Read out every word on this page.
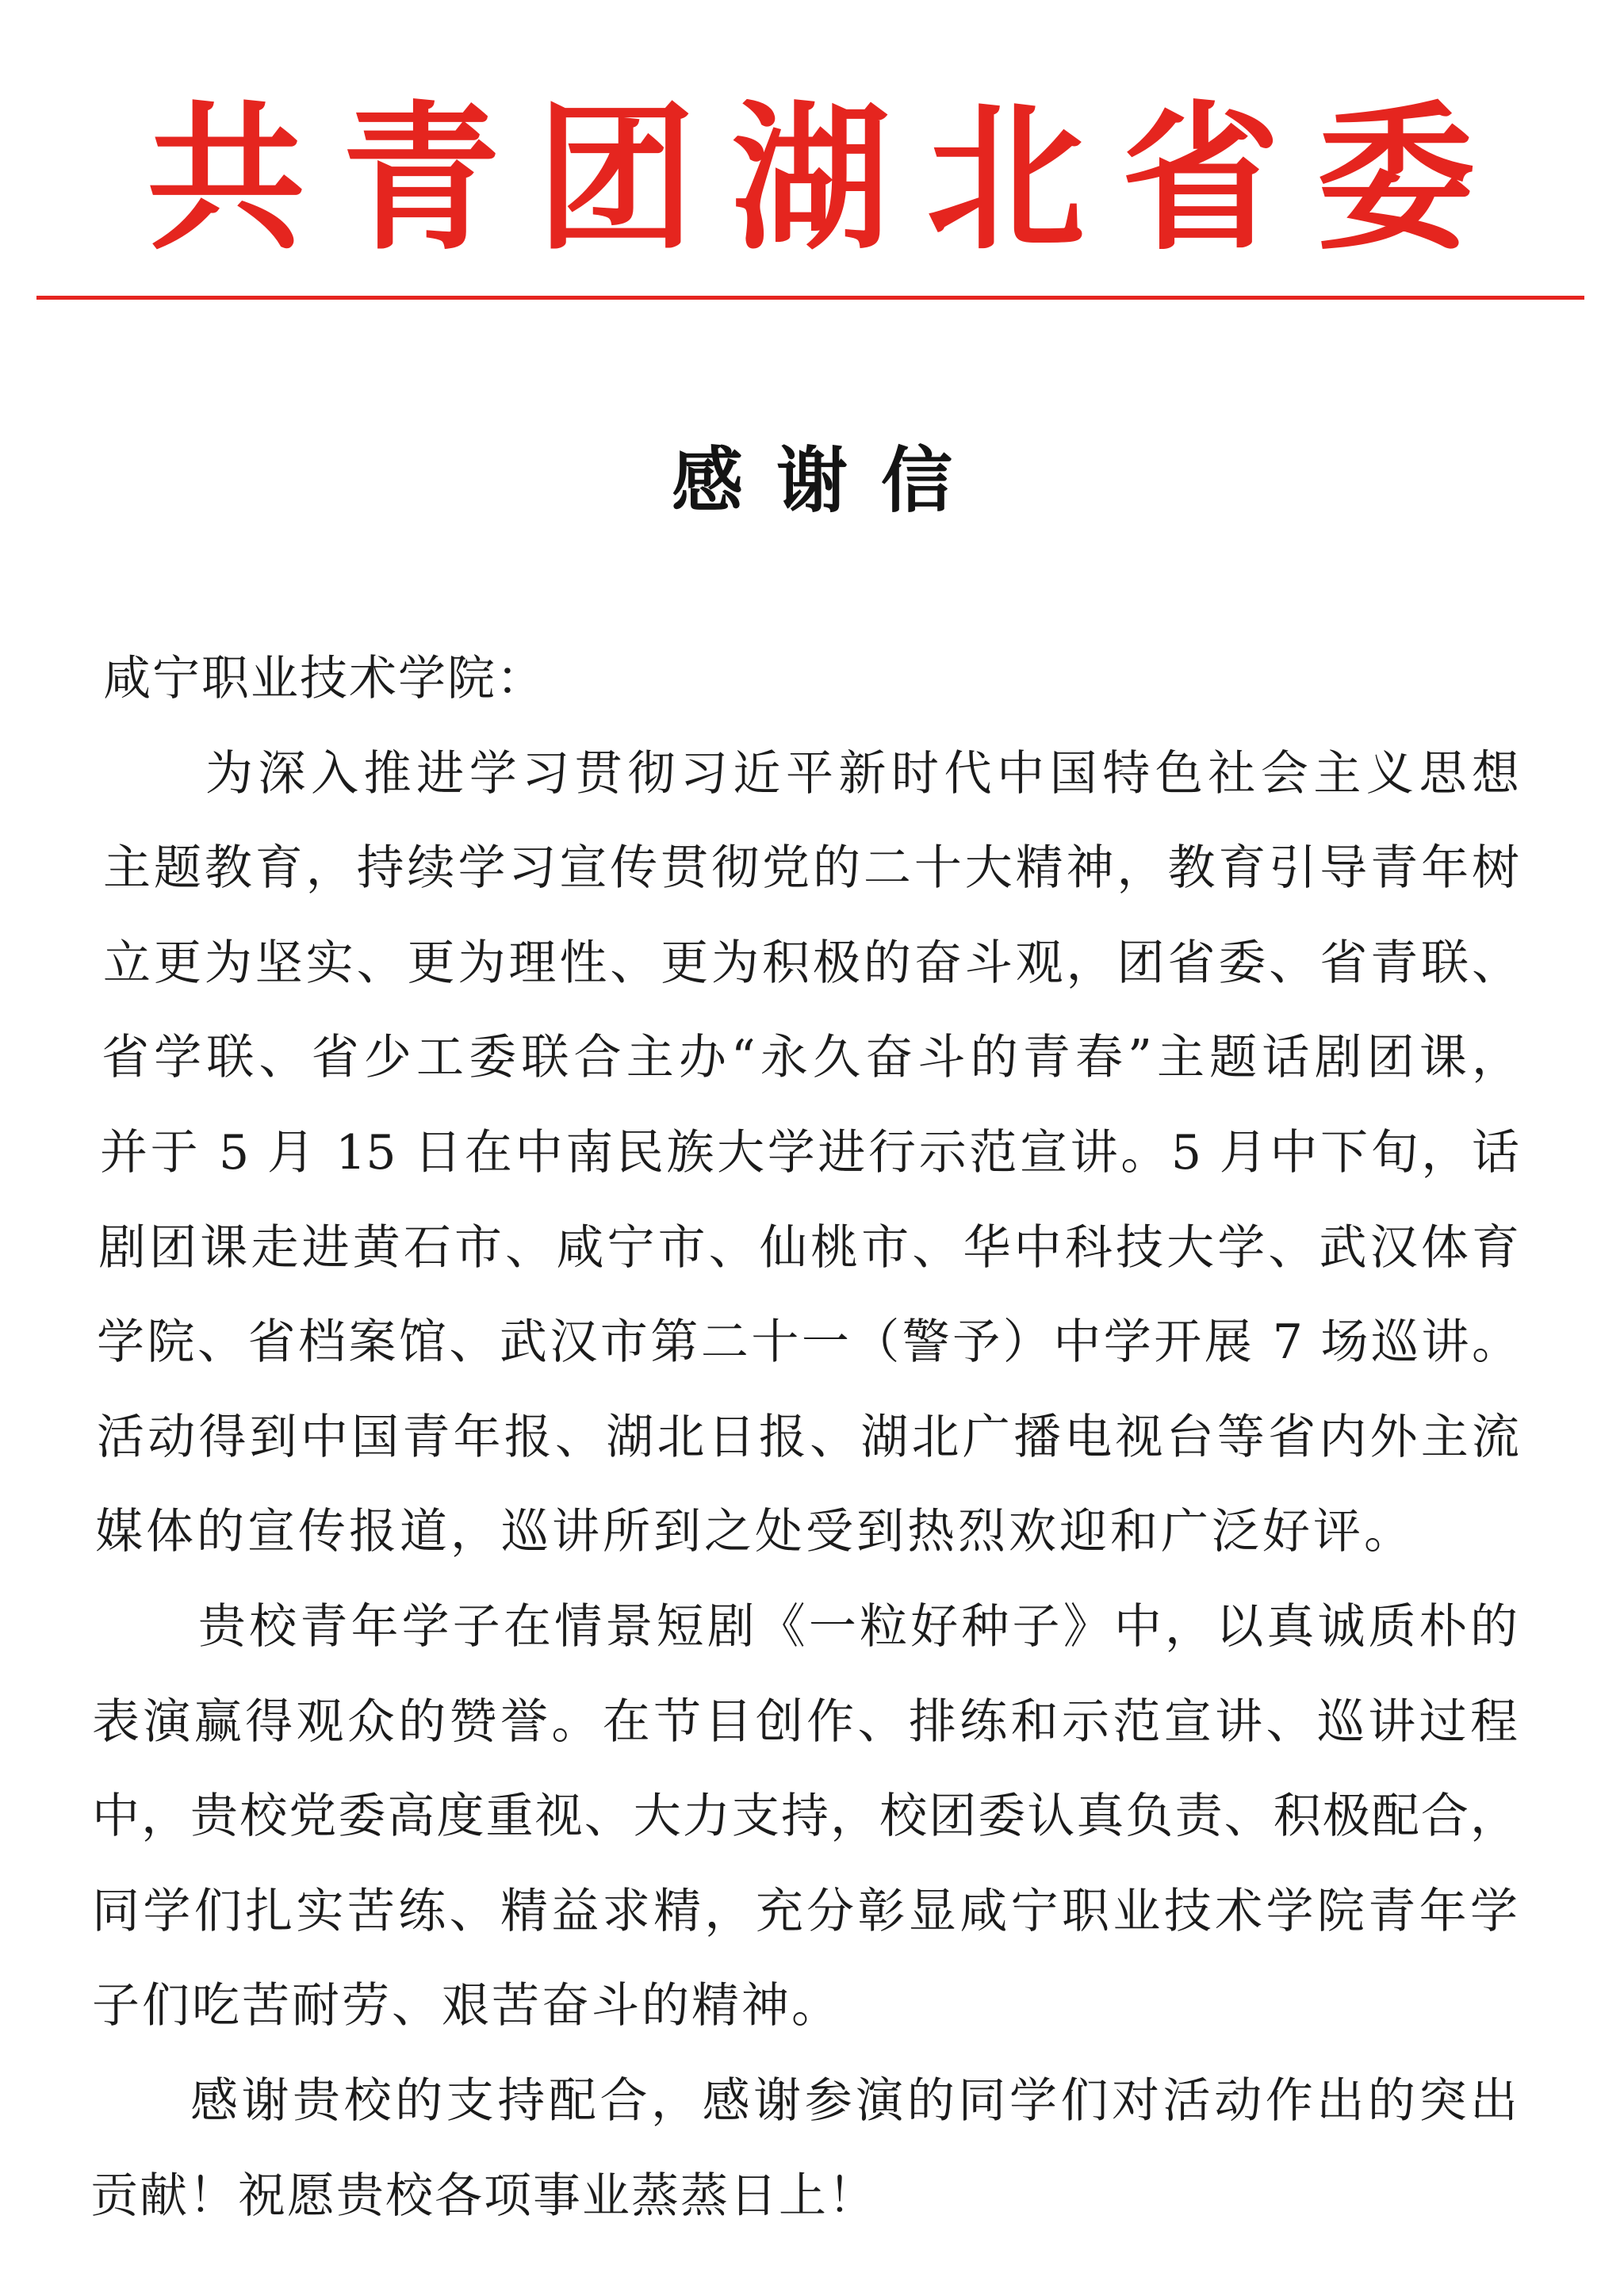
共青团湖北省委
感谢信
咸宁职业技术学院：
为深入推进学习贯彻习近平新时代中国特色社会主义思想
主题教育，持续学习宣传贯彻党的二十大精神，教育引导青年树
立更为坚实、更为理性、更为积极的奋斗观，团省委、省青联、
省学联、省少工委联合主办“永久奋斗的青春”主题话剧团课，
并于 5 月 15 日在中南民族大学进行示范宣讲。5 月中下旬，话
剧团课走进黄石市、咸宁市、仙桃市、华中科技大学、武汉体育
学院、省档案馆、武汉市第二十一（警予）中学开展 7 场巡讲。
活动得到中国青年报、湖北日报、湖北广播电视台等省内外主流
媒体的宣传报道，巡讲所到之处受到热烈欢迎和广泛好评。
贵校青年学子在情景短剧《一粒好种子》中，以真诚质朴的
表演赢得观众的赞誉。在节目创作、排练和示范宣讲、巡讲过程
中，贵校党委高度重视、大力支持，校团委认真负责、积极配合，
同学们扎实苦练、精益求精，充分彰显咸宁职业技术学院青年学
子们吃苦耐劳、艰苦奋斗的精神。
感谢贵校的支持配合，感谢参演的同学们对活动作出的突出
贡献！祝愿贵校各项事业蒸蒸日上！
